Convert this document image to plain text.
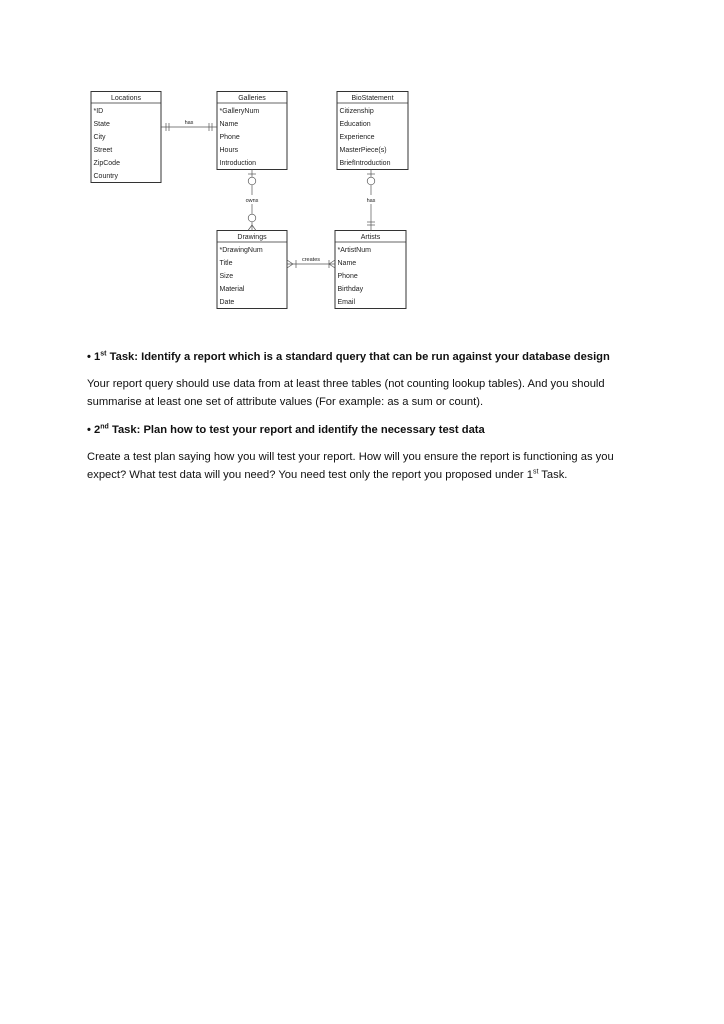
Locations
*ID
State
City
Street
ZipCode
Country
Galleries
*GalleryNum
Name
Phone
Hours
Introduction
BioStatement
Citizenship
Education
Experience
MasterPiece(s)
BriefIntroduction
Drawings
*DrawingNum
Title
Size
Material
Date
Artists
*ArtistNum
Name
Phone
Birthday
Email
has
owns	has
creates

• 1st Task: Identify a report which is a standard query that can be run against your database design

Your report query should use data from at least three tables (not counting lookup tables). And you should summarise at least one set of attribute values (For example: as a sum or count).

• 2nd Task: Plan how to test your report and identify the necessary test data

Create a test plan saying how you will test your report. How will you ensure the report is functioning as you expect? What test data will you need? You need test only the report you proposed under 1st Task.
